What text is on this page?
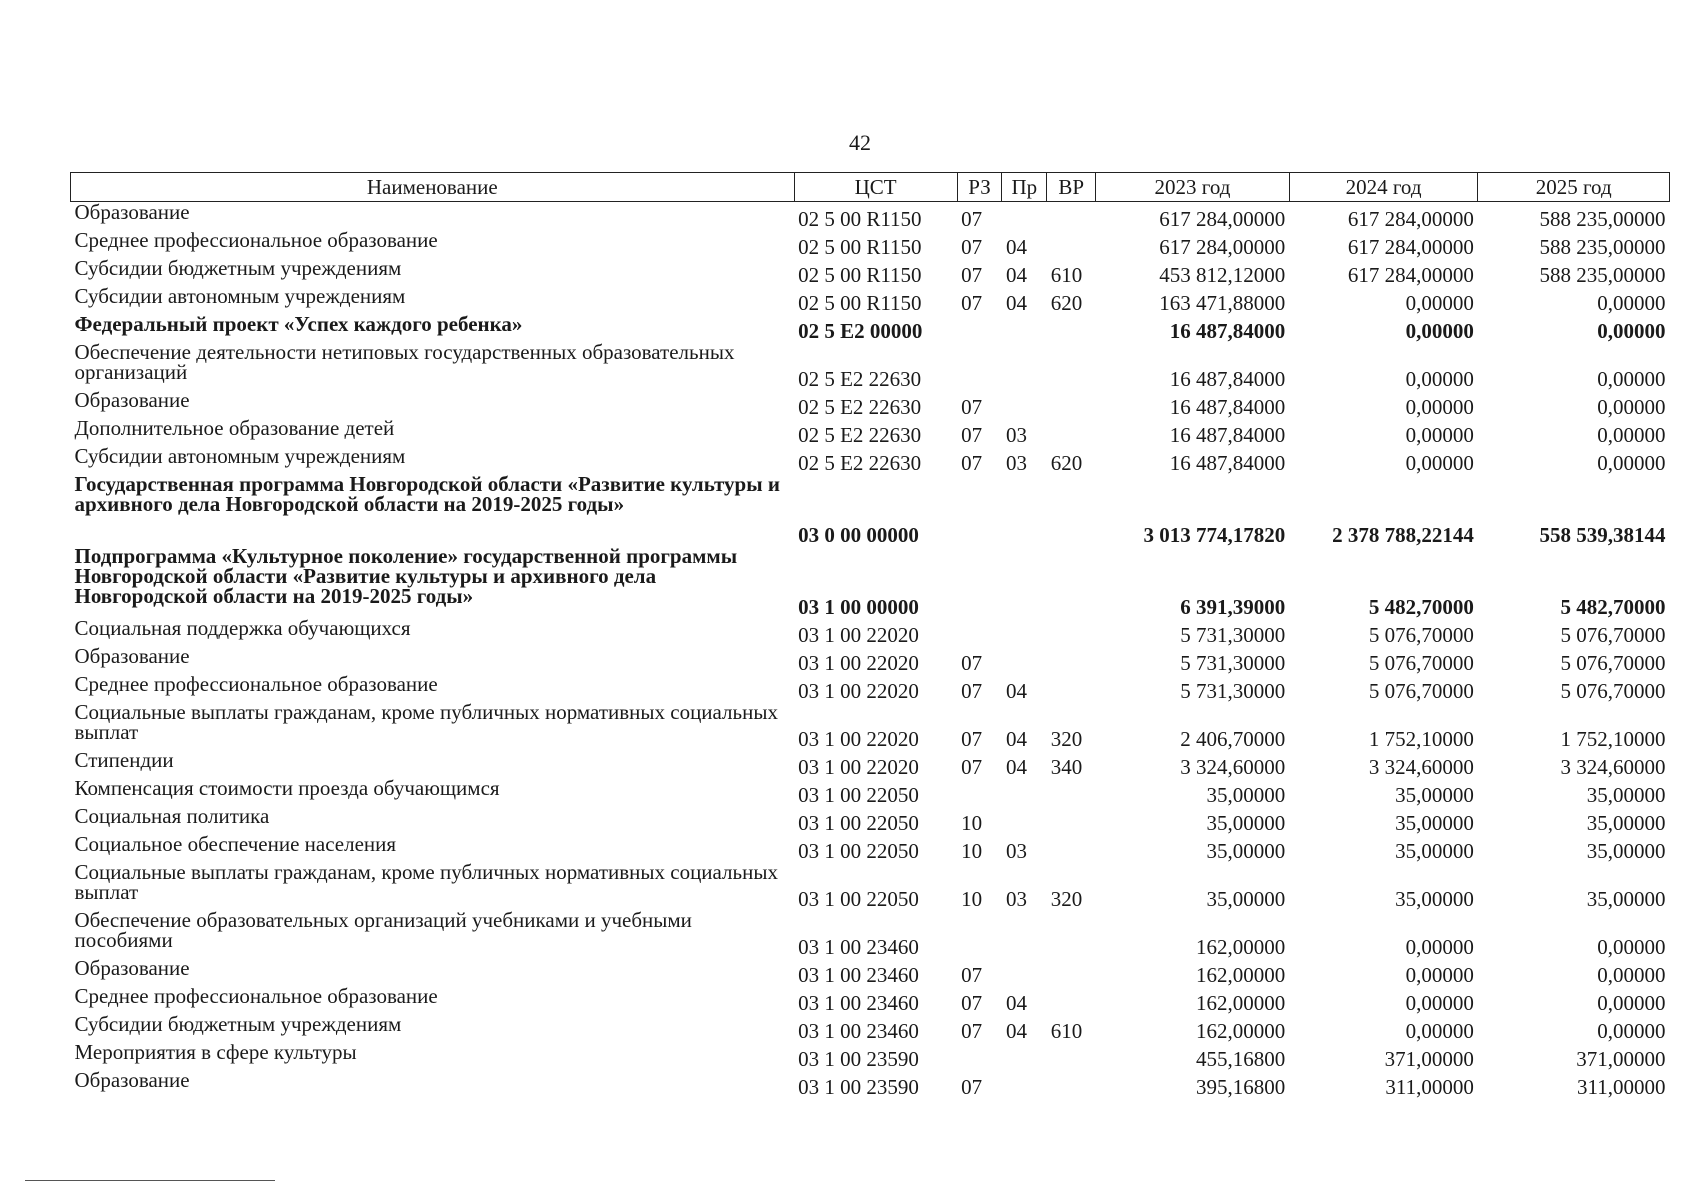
42
Наименование	ЦСТ	РЗ	Пр	ВР	2023 год	2024 год	2025 год
Образование	02 5 00 R1150	07			617 284,00000	617 284,00000	588 235,00000
Среднее профессиональное образование	02 5 00 R1150	07	04		617 284,00000	617 284,00000	588 235,00000
Субсидии бюджетным учреждениям	02 5 00 R1150	07	04	610	453 812,12000	617 284,00000	588 235,00000
Субсидии автономным учреждениям	02 5 00 R1150	07	04	620	163 471,88000	0,00000	0,00000
Федеральный проект «Успех каждого ребенка»	02 5 E2 00000				16 487,84000	0,00000	0,00000
Обеспечение деятельности нетиповых государственных образовательных организаций	02 5 E2 22630				16 487,84000	0,00000	0,00000
Образование	02 5 E2 22630	07			16 487,84000	0,00000	0,00000
Дополнительное образование детей	02 5 E2 22630	07	03		16 487,84000	0,00000	0,00000
Субсидии автономным учреждениям	02 5 E2 22630	07	03	620	16 487,84000	0,00000	0,00000
Государственная программа Новгородской области «Развитие культуры и архивного дела Новгородской области на 2019-2025 годы»	03 0 00 00000				3 013 774,17820	2 378 788,22144	558 539,38144
Подпрограмма «Культурное поколение» государственной программы Новгородской области «Развитие культуры и архивного дела Новгородской области на 2019-2025 годы»	03 1 00 00000				6 391,39000	5 482,70000	5 482,70000
Социальная поддержка обучающихся	03 1 00 22020				5 731,30000	5 076,70000	5 076,70000
Образование	03 1 00 22020	07			5 731,30000	5 076,70000	5 076,70000
Среднее профессиональное образование	03 1 00 22020	07	04		5 731,30000	5 076,70000	5 076,70000
Социальные выплаты гражданам, кроме публичных нормативных социальных выплат	03 1 00 22020	07	04	320	2 406,70000	1 752,10000	1 752,10000
Стипендии	03 1 00 22020	07	04	340	3 324,60000	3 324,60000	3 324,60000
Компенсация стоимости проезда обучающимся	03 1 00 22050				35,00000	35,00000	35,00000
Социальная политика	03 1 00 22050	10			35,00000	35,00000	35,00000
Социальное обеспечение населения	03 1 00 22050	10	03		35,00000	35,00000	35,00000
Социальные выплаты гражданам, кроме публичных нормативных социальных выплат	03 1 00 22050	10	03	320	35,00000	35,00000	35,00000
Обеспечение образовательных организаций учебниками и учебными пособиями	03 1 00 23460				162,00000	0,00000	0,00000
Образование	03 1 00 23460	07			162,00000	0,00000	0,00000
Среднее профессиональное образование	03 1 00 23460	07	04		162,00000	0,00000	0,00000
Субсидии бюджетным учреждениям	03 1 00 23460	07	04	610	162,00000	0,00000	0,00000
Мероприятия в сфере культуры	03 1 00 23590				455,16800	371,00000	371,00000
Образование	03 1 00 23590	07			395,16800	311,00000	311,00000
